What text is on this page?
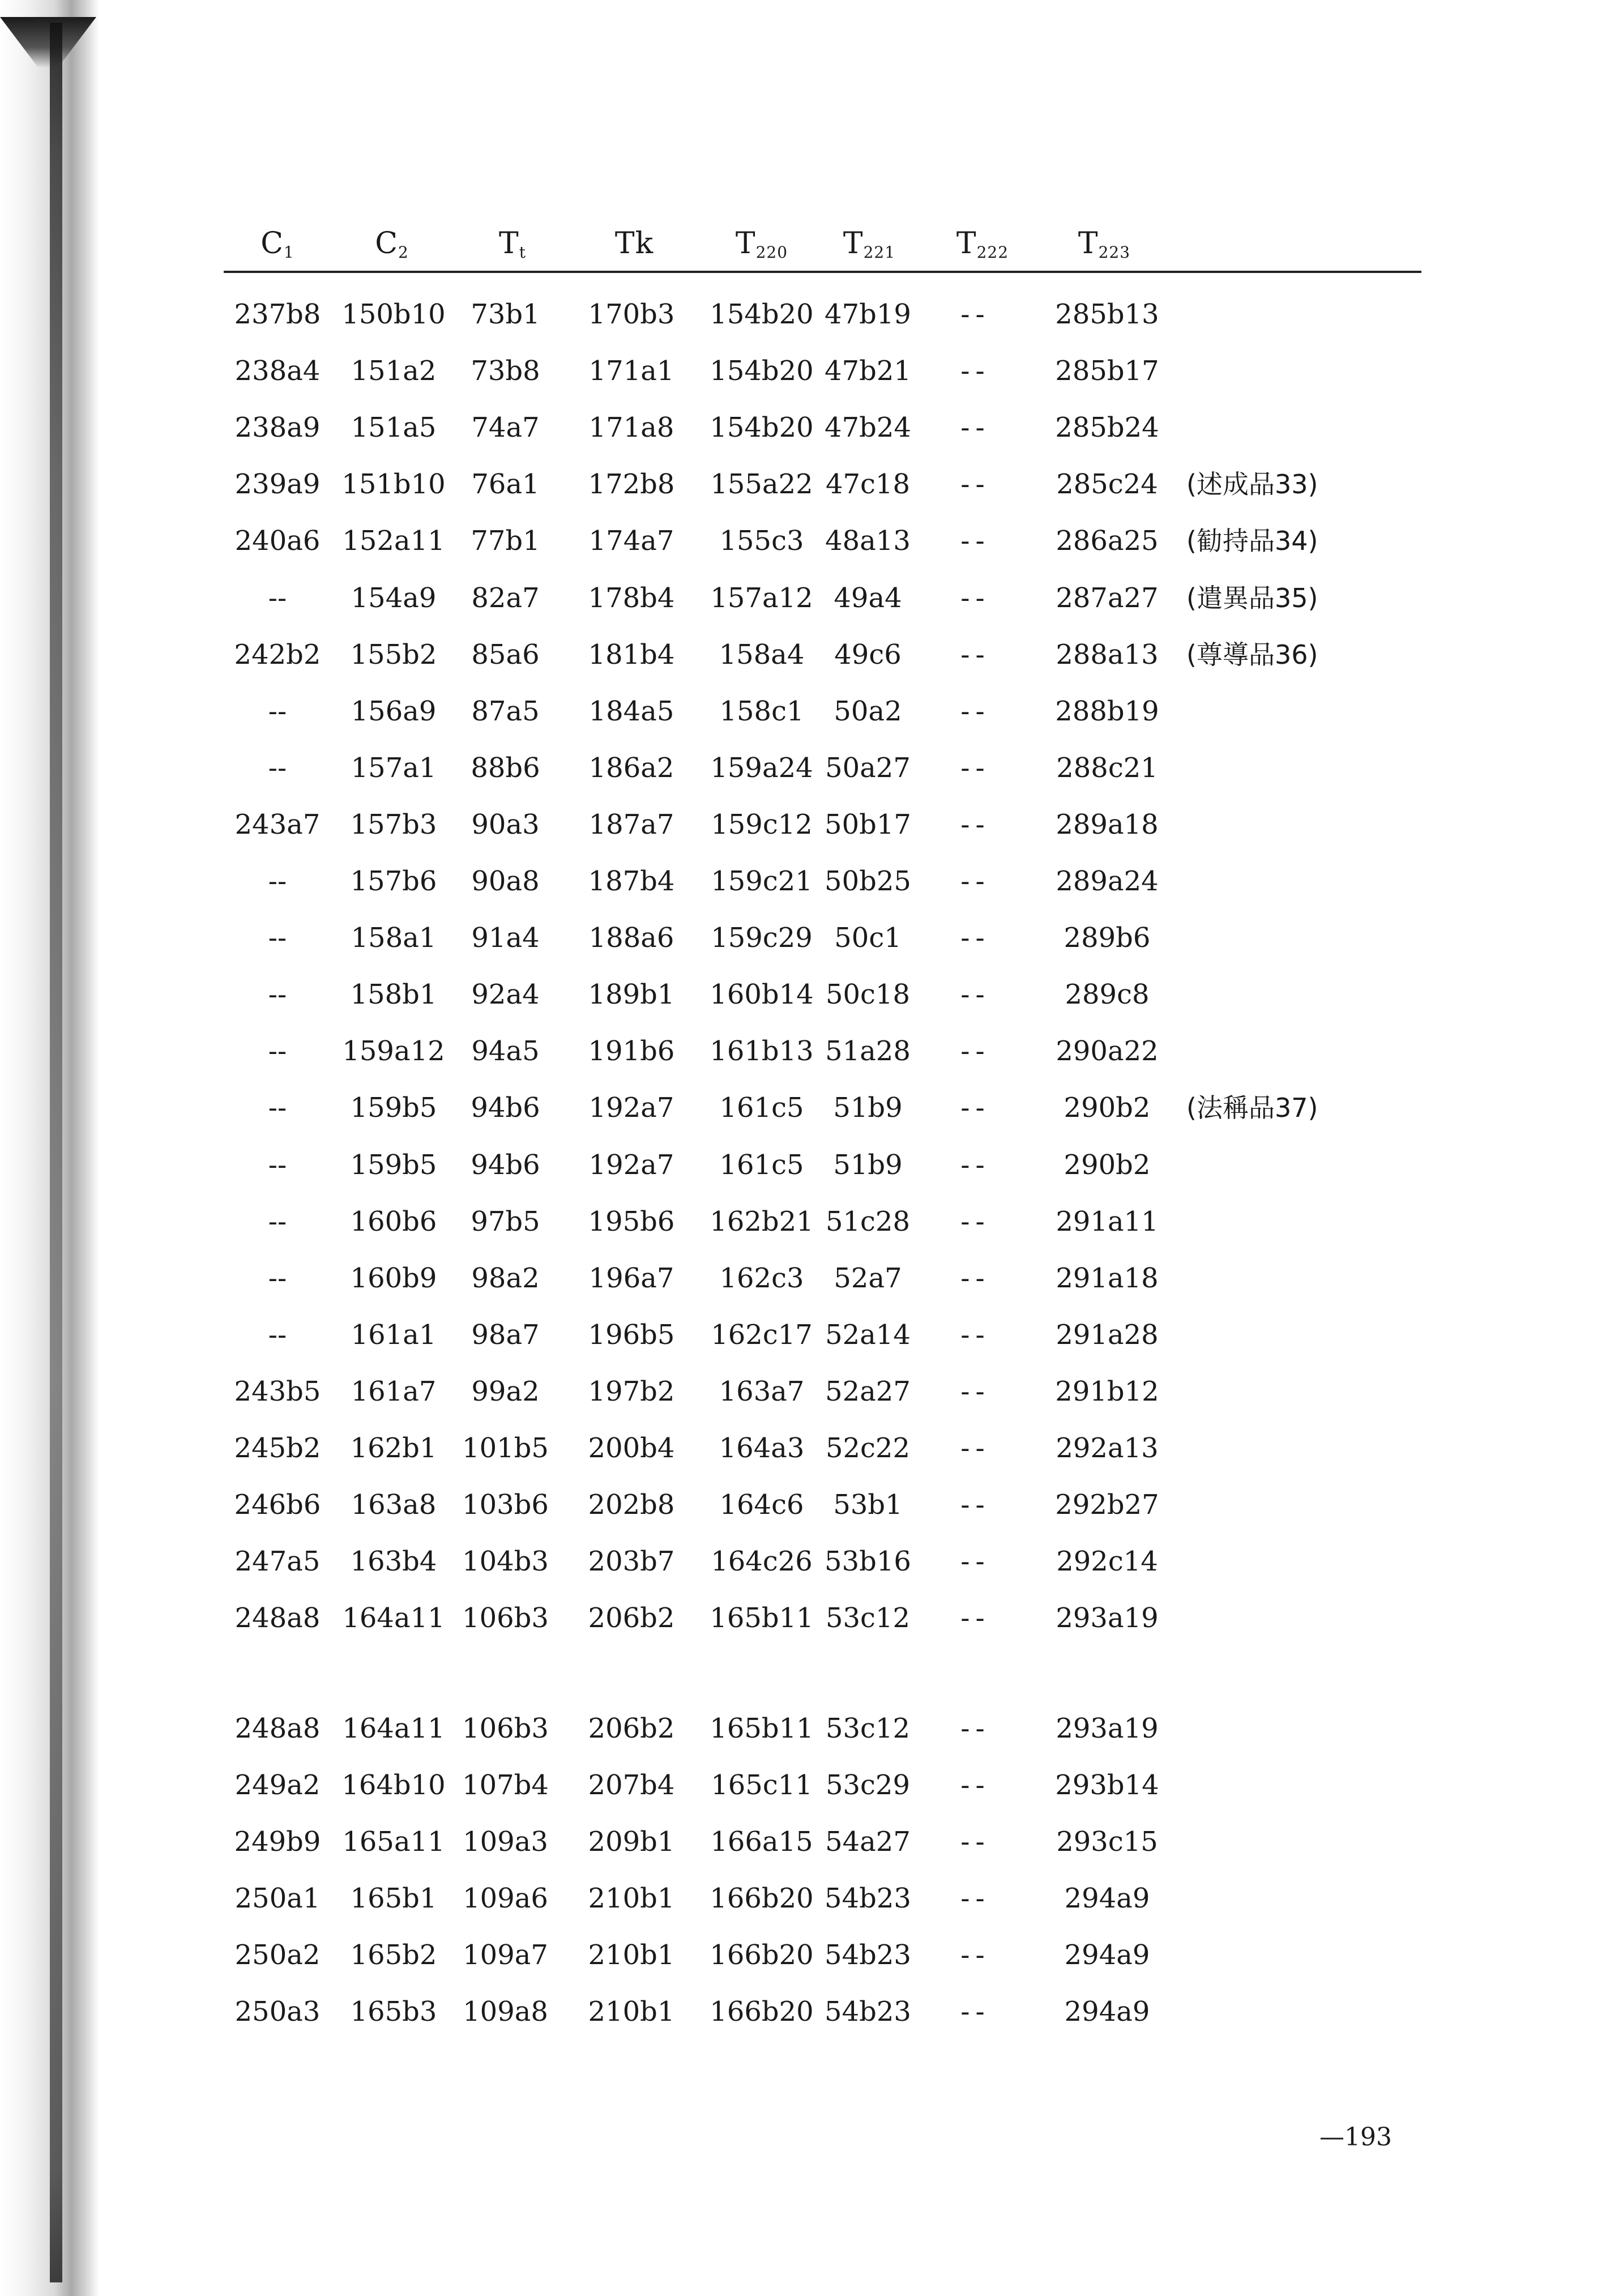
$C_1$	$C_2$	$T_t$	Tk	$T_{220}$	$T_{221}$	$T_{222}$	$T_{223}$
237b8 150b10 73b1	170b3	154b20 47b19	--	285b13
238a4	151a2	73b8	171a1	154b20 47b21	--	285b17
238a9	151a5	74a7	171a8	154b20 47b24	--	285b24
239a9 151b10 76a1	172b8	155a22 47c18	--	285c24	(述成品33)
240a6 152a11 77b1	174a7	155c3 48a13	--	286a25	(勧持品34)
--	154a9	82a7	178b4	157a12 49a4	--	287a27	(遣異品35)
242b2	155b2	85a6	181b4	158a4	49c6	--	288a13	(尊導品36)
--	156a9	87a5	184a5	158c1	50a2	--	288b19
--	157a1	88b6	186a2	159a24 50a27	--	288c21
243a7	157b3	90a3	187a7	159c12 50b17	--	289a18
--	157b6	90a8	187b4	159c21 50b25	--	289a24
--	158a1	91a4	188a6	159c29 50c1	--	289b6
--	158b1	92a4	189b1	160b14 50c18	--	289c8
--	159a12 94a5	191b6	161b13 51a28	--	290a22
--	159b5	94b6	192a7	161c5	51b9	--	290b2	(法稱品37)
--	159b5	94b6	192a7	161c5	51b9	--	290b2
--	160b6	97b5	195b6	162b21 51c28	--	291a11
--	160b9	98a2	196a7	162c3	52a7	--	291a18
--	161a1	98a7	196b5	162c17 52a14	--	291a28
243b5	161a7	99a2	197b2	163a7 52a27	--	291b12
245b2	162b1 101b5	200b4	164a3 52c22	--	292a13
246b6	163a8 103b6	202b8	164c6	53b1	--	292b27
247a5	163b4 104b3	203b7	164c26 53b16	--	292c14
248a8 164a11 106b3	206b2	165b11 53c12	--	293a19
248a8 164a11 106b3	206b2	165b11 53c12	--	293a19
249a2 164b10 107b4	207b4	165c11 53c29	--	293b14
249b9 165a11 109a3	209b1	166a15 54a27	--	293c15
250a1	165b1 109a6	210b1	166b20 54b23	--	294a9
250a2	165b2 109a7	210b1	166b20 54b23	--	294a9
250a3	165b3 109a8	210b1	166b20 54b23	--	294a9
—193
